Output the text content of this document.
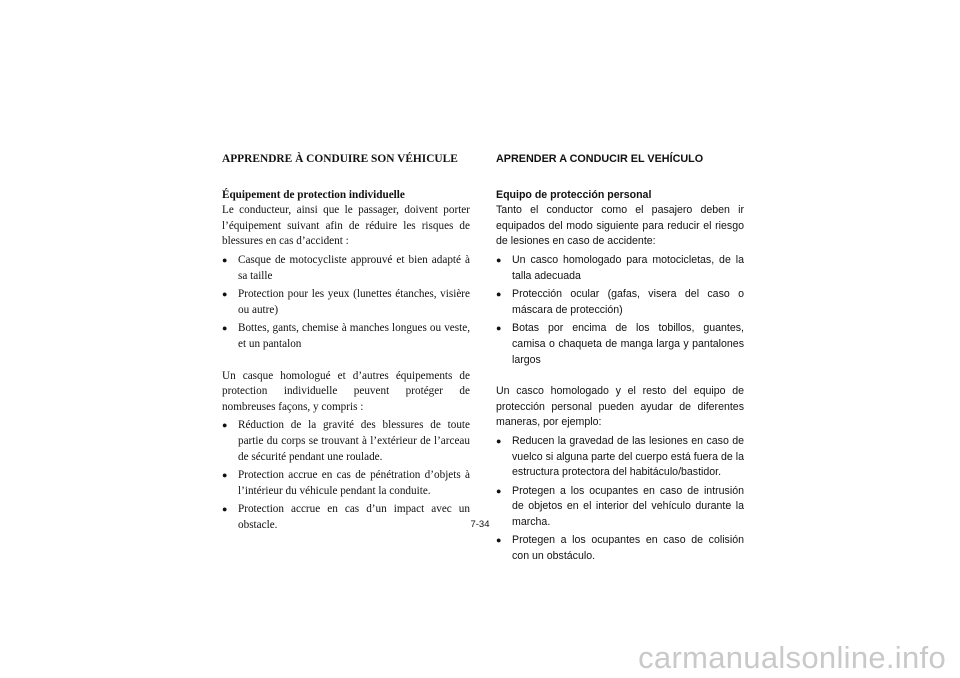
APPRENDRE À CONDUIRE SON VÉHICULE

Équipement de protection individuelle

Le conducteur, ainsi que le passager, doivent porter l’équipement suivant afin de réduire les risques de blessures en cas d’accident :

● Casque de motocycliste approuvé et bien adapté à sa taille
● Protection pour les yeux (lunettes étanches, visière ou autre)
● Bottes, gants, chemise à manches longues ou veste, et un pantalon

Un casque homologué et d’autres équipements de protection individuelle peuvent protéger de nombreuses façons, y compris :

● Réduction de la gravité des blessures de toute partie du corps se trouvant à l’extérieur de l’arceau de sécurité pendant une roulade.
● Protection accrue en cas de pénétration d’objets à l’intérieur du véhicule pendant la conduite.
● Protection accrue en cas d’un impact avec un obstacle.

APRENDER A CONDUCIR EL VEHÍCULO

Equipo de protección personal

Tanto el conductor como el pasajero deben ir equipados del modo siguiente para reducir el riesgo de lesiones en caso de accidente:

● Un casco homologado para motocicletas, de la talla adecuada
● Protección ocular (gafas, visera del caso o máscara de protección)
● Botas por encima de los tobillos, guantes, camisa o chaqueta de manga larga y pantalones largos

Un casco homologado y el resto del equipo de protección personal pueden ayudar de diferentes maneras, por ejemplo:

● Reducen la gravedad de las lesiones en caso de vuelco si alguna parte del cuerpo está fuera de la estructura protectora del habitáculo/bastidor.
● Protegen a los ocupantes en caso de intrusión de objetos en el interior del vehículo durante la marcha.
● Protegen a los ocupantes en caso de colisión con un obstáculo.
7-34
carmanualsonline.info
